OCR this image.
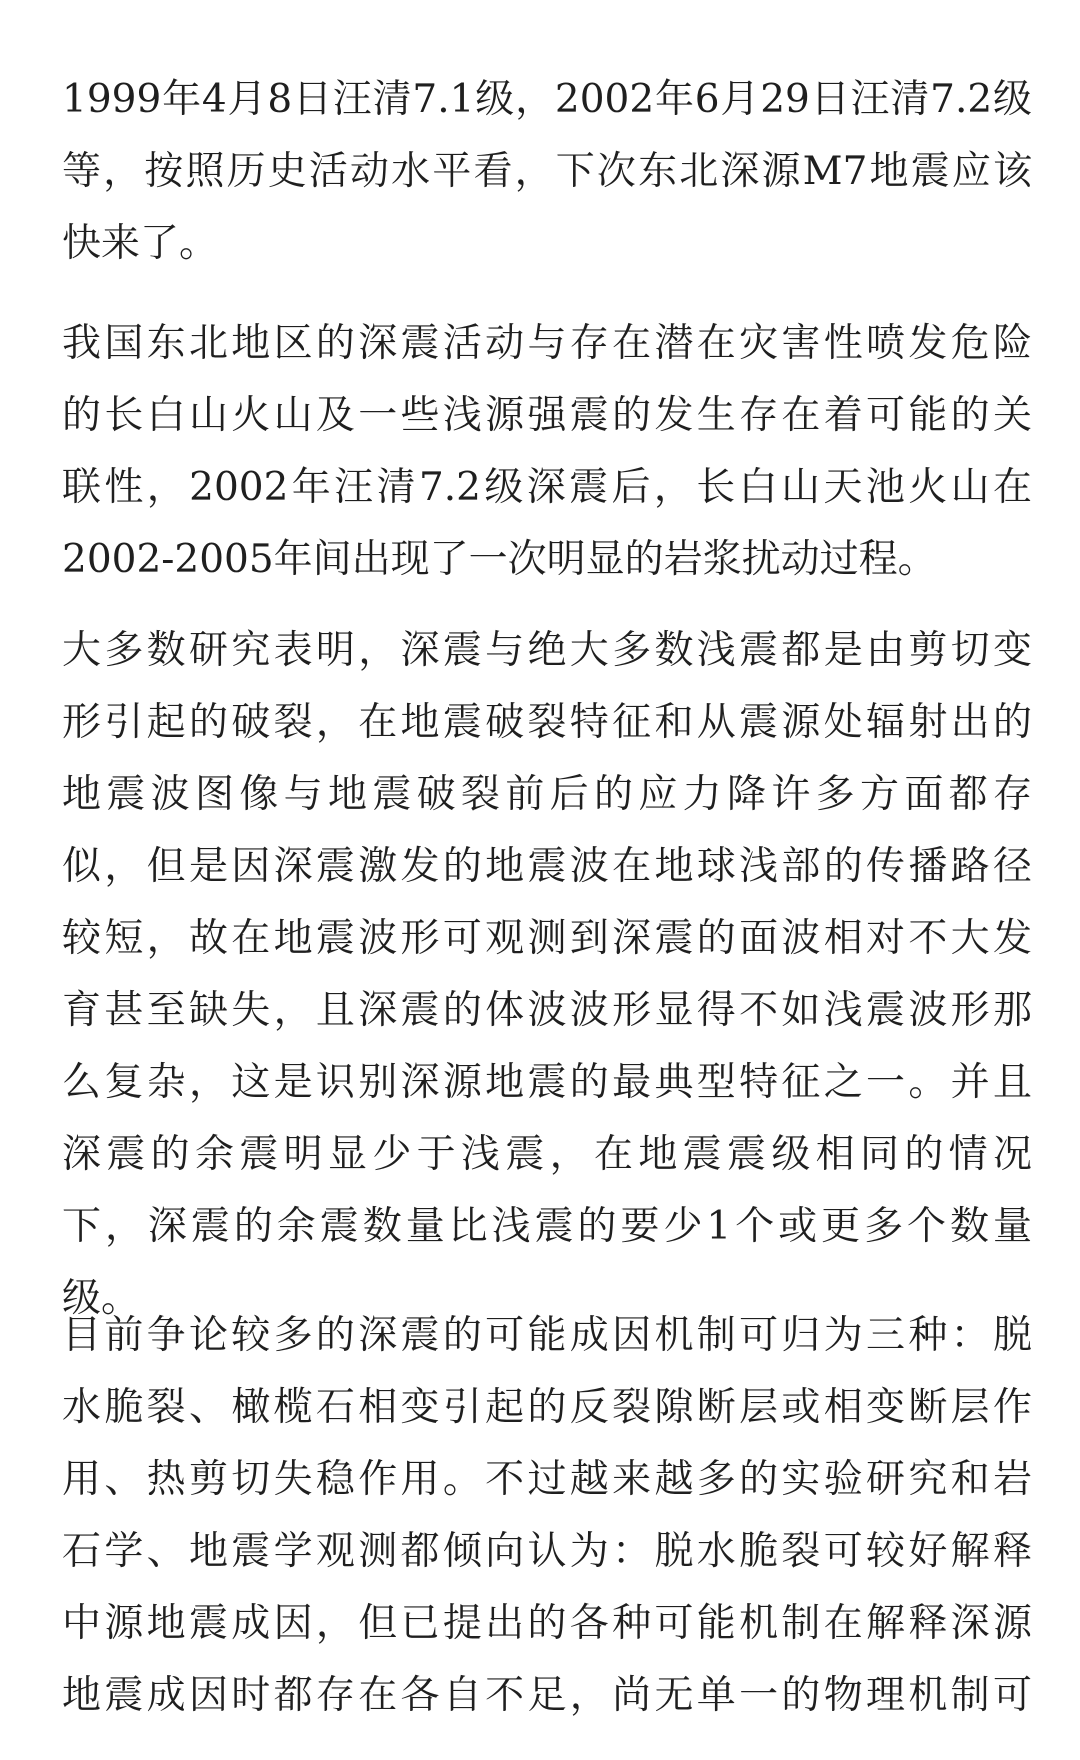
1999年4月8日汪清7.1级，2002年6月29日汪清7.2级
等，按照历史活动水平看，下次东北深源M7地震应该
快来了。

我国东北地区的深震活动与存在潜在灾害性喷发危险
的长白山火山及一些浅源强震的发生存在着可能的关
联性，2002年汪清7.2级深震后，长白山天池火山在
2002-2005年间出现了一次明显的岩浆扰动过程。

大多数研究表明，深震与绝大多数浅震都是由剪切变
形引起的破裂，在地震破裂特征和从震源处辐射出的
地震波图像与地震破裂前后的应力降许多方面都存
似，但是因深震激发的地震波在地球浅部的传播路径
较短，故在地震波形可观测到深震的面波相对不大发
育甚至缺失，且深震的体波波形显得不如浅震波形那
么复杂，这是识别深源地震的最典型特征之一。并且
深震的余震明显少于浅震，在地震震级相同的情况
下，深震的余震数量比浅震的要少1个或更多个数量
级。

目前争论较多的深震的可能成因机制可归为三种：脱
水脆裂、橄榄石相变引起的反裂隙断层或相变断层作
用、热剪切失稳作用。不过越来越多的实验研究和岩
石学、地震学观测都倾向认为：脱水脆裂可较好解释
中源地震成因，但已提出的各种可能机制在解释深源
地震成因时都存在各自不足，尚无单一的物理机制可
